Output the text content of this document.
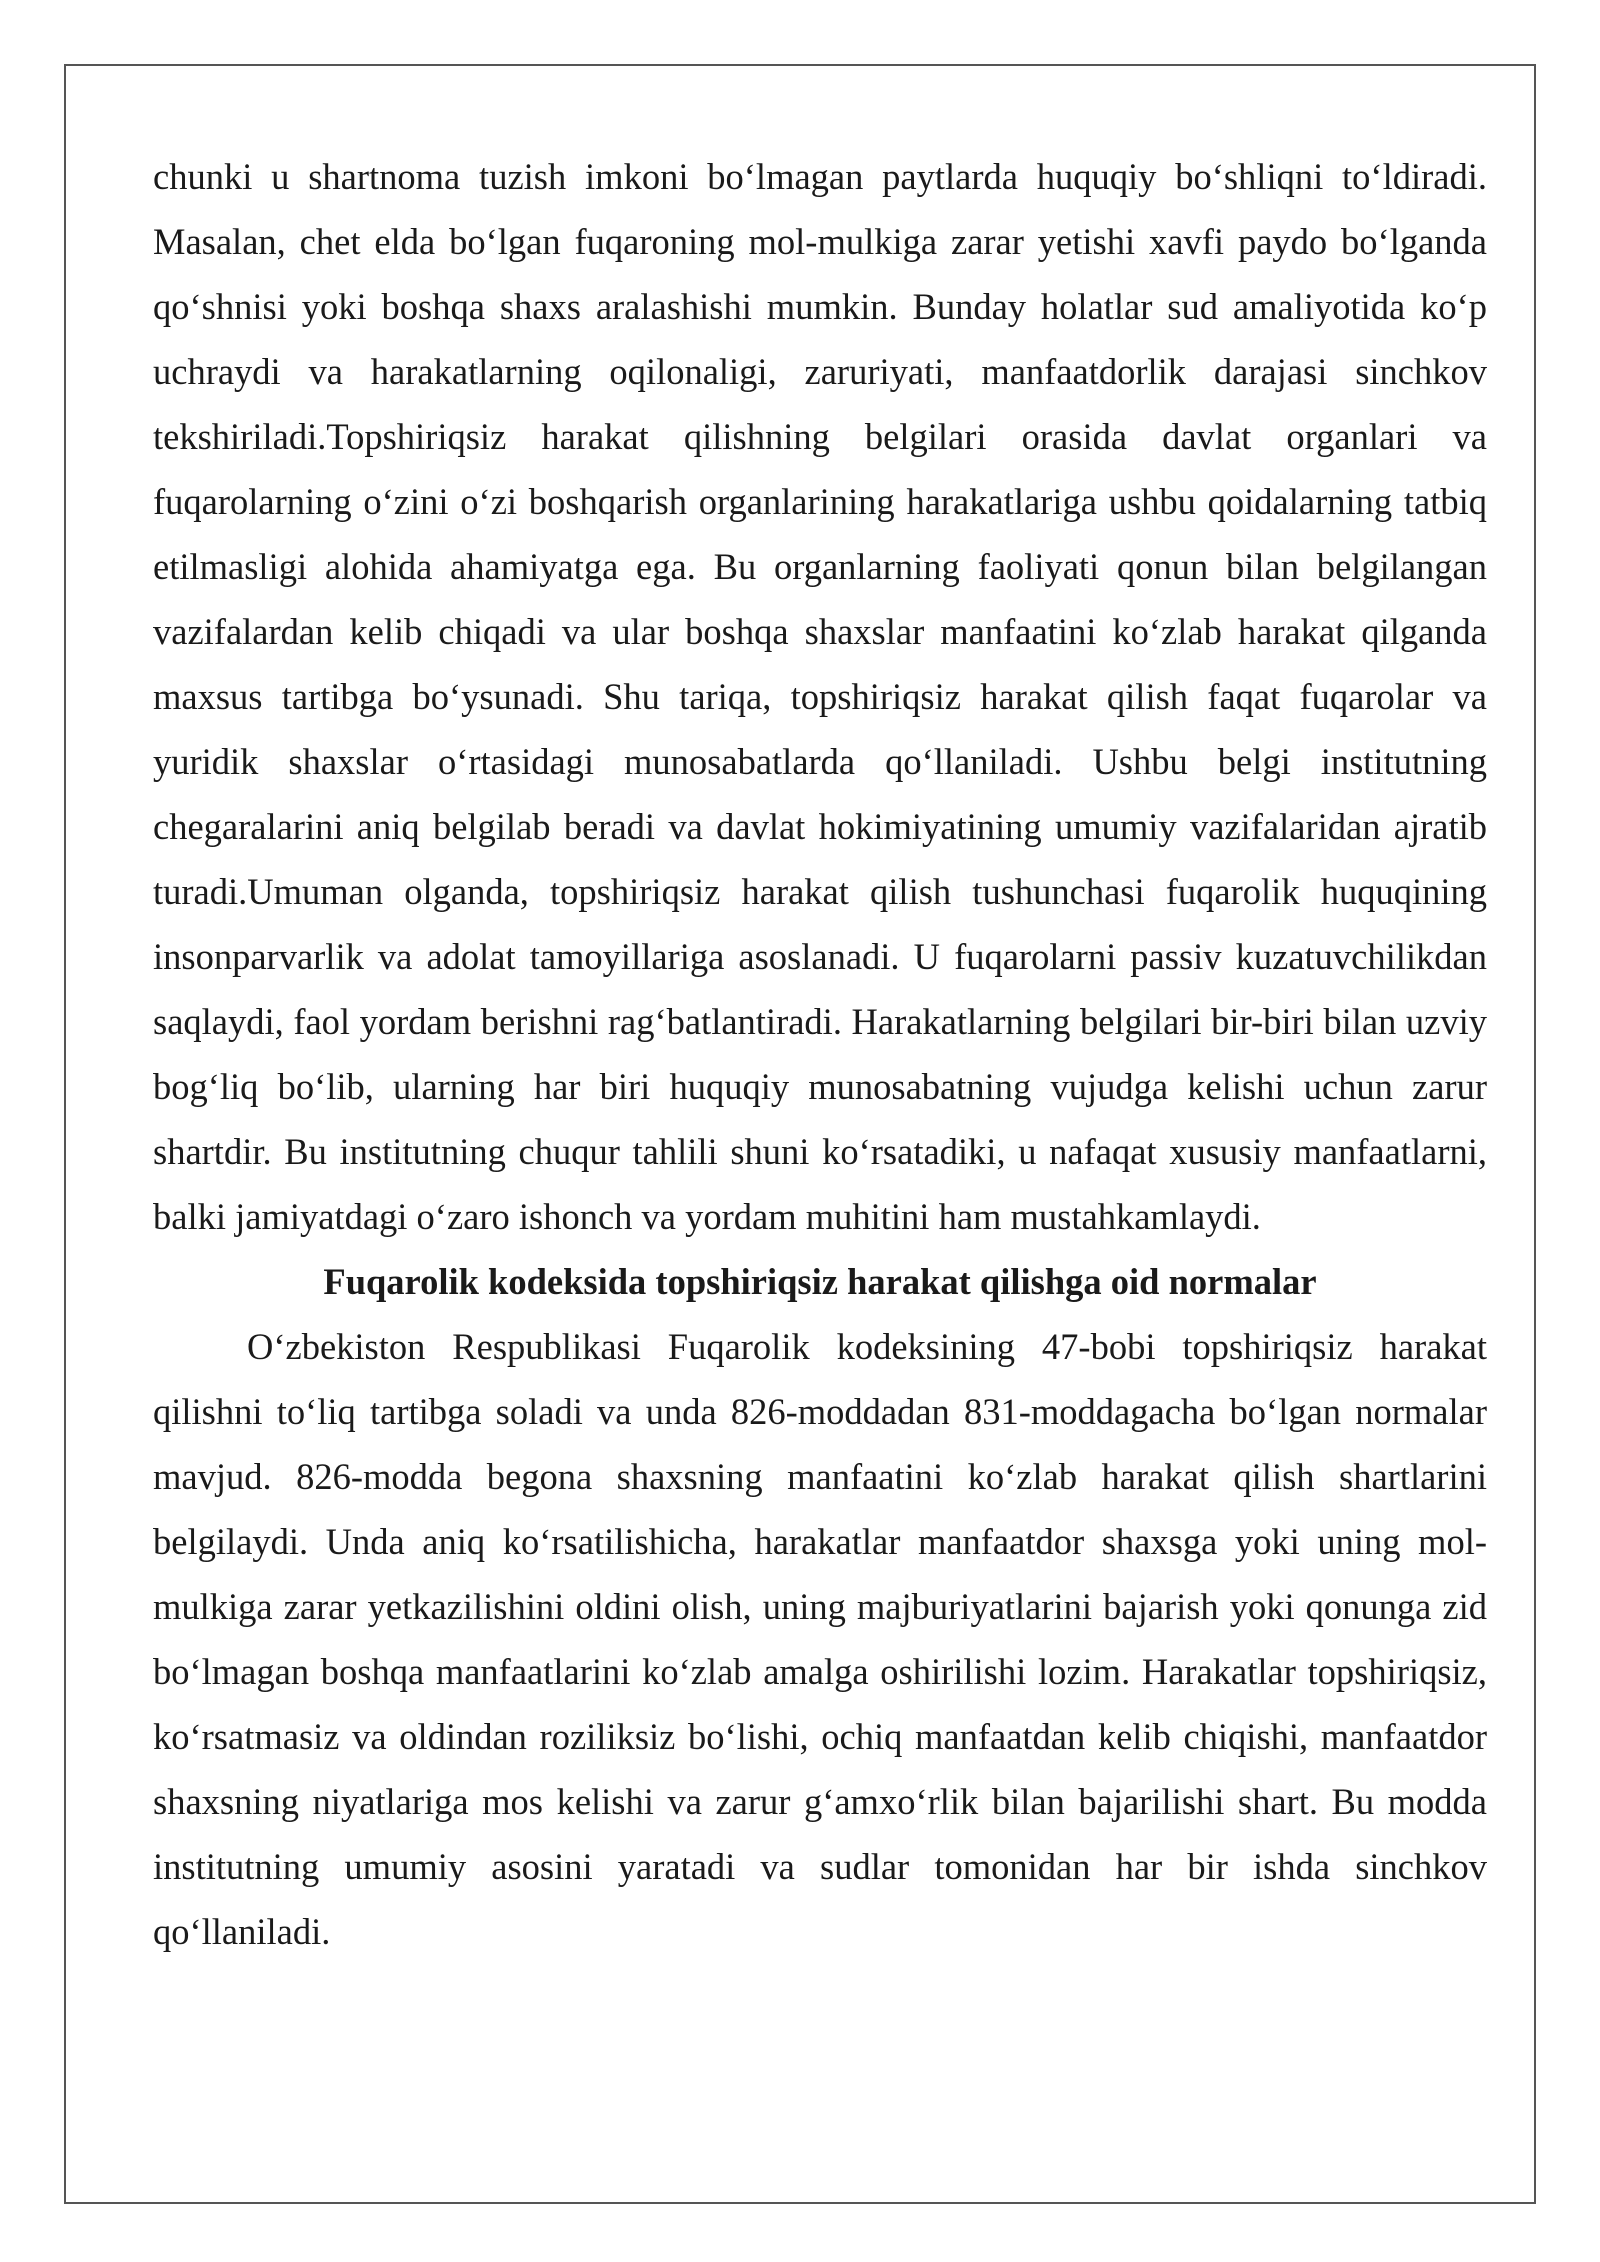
chunki u shartnoma tuzish imkoni boʻlmagan paytlarda huquqiy boʻshliqni toʻldiradi. Masalan, chet elda boʻlgan fuqaroning mol-mulkiga zarar yetishi xavfi paydo boʻlganda qoʻshnisi yoki boshqa shaxs aralashishi mumkin. Bunday holatlar sud amaliyotida koʻp uchraydi va harakatlarning oqilonaligi, zaruriyati, manfaatdorlik darajasi sinchkov tekshiriladi.Topshiriqsiz harakat qilishning belgilari orasida davlat organlari va fuqarolarning oʻzini oʻzi boshqarish organlarining harakatlariga ushbu qoidalarning tatbiq etilmasligi alohida ahamiyatga ega. Bu organlarning faoliyati qonun bilan belgilangan vazifalardan kelib chiqadi va ular boshqa shaxslar manfaatini koʻzlab harakat qilganda maxsus tartibga boʻysunadi. Shu tariqa, topshiriqsiz harakat qilish faqat fuqarolar va yuridik shaxslar oʻrtasidagi munosabatlarda qoʻllaniladi. Ushbu belgi institutning chegaralarini aniq belgilab beradi va davlat hokimiyatining umumiy vazifalaridan ajratib turadi.Umuman olganda, topshiriqsiz harakat qilish tushunchasi fuqarolik huquqining insonparvarlik va adolat tamoyillariga asoslanadi. U fuqarolarni passiv kuzatuvchilikdan saqlaydi, faol yordam berishni ragʻbatlantiradi. Harakatlarning belgilari bir-biri bilan uzviy bogʻliq boʻlib, ularning har biri huquqiy munosabatning vujudga kelishi uchun zarur shartdir. Bu institutning chuqur tahlili shuni koʻrsatadiki, u nafaqat xususiy manfaatlarni, balki jamiyatdagi oʻzaro ishonch va yordam muhitini ham mustahkamlaydi.

Fuqarolik kodeksida topshiriqsiz harakat qilishga oid normalar

Oʻzbekiston Respublikasi Fuqarolik kodeksining 47-bobi topshiriqsiz harakat qilishni toʻliq tartibga soladi va unda 826-moddadan 831-moddagacha boʻlgan normalar mavjud. 826-modda begona shaxsning manfaatini koʻzlab harakat qilish shartlarini belgilaydi. Unda aniq koʻrsatilishicha, harakatlar manfaatdor shaxsga yoki uning mol-mulkiga zarar yetkazilishini oldini olish, uning majburiyatlarini bajarish yoki qonunga zid boʻlmagan boshqa manfaatlarini koʻzlab amalga oshirilishi lozim. Harakatlar topshiriqsiz, koʻrsatmasiz va oldindan roziliksiz boʻlishi, ochiq manfaatdan kelib chiqishi, manfaatdor shaxsning niyatlariga mos kelishi va zarur gʻamxoʻrlik bilan bajarilishi shart. Bu modda institutning umumiy asosini yaratadi va sudlar tomonidan har bir ishda sinchkov qoʻllaniladi.
